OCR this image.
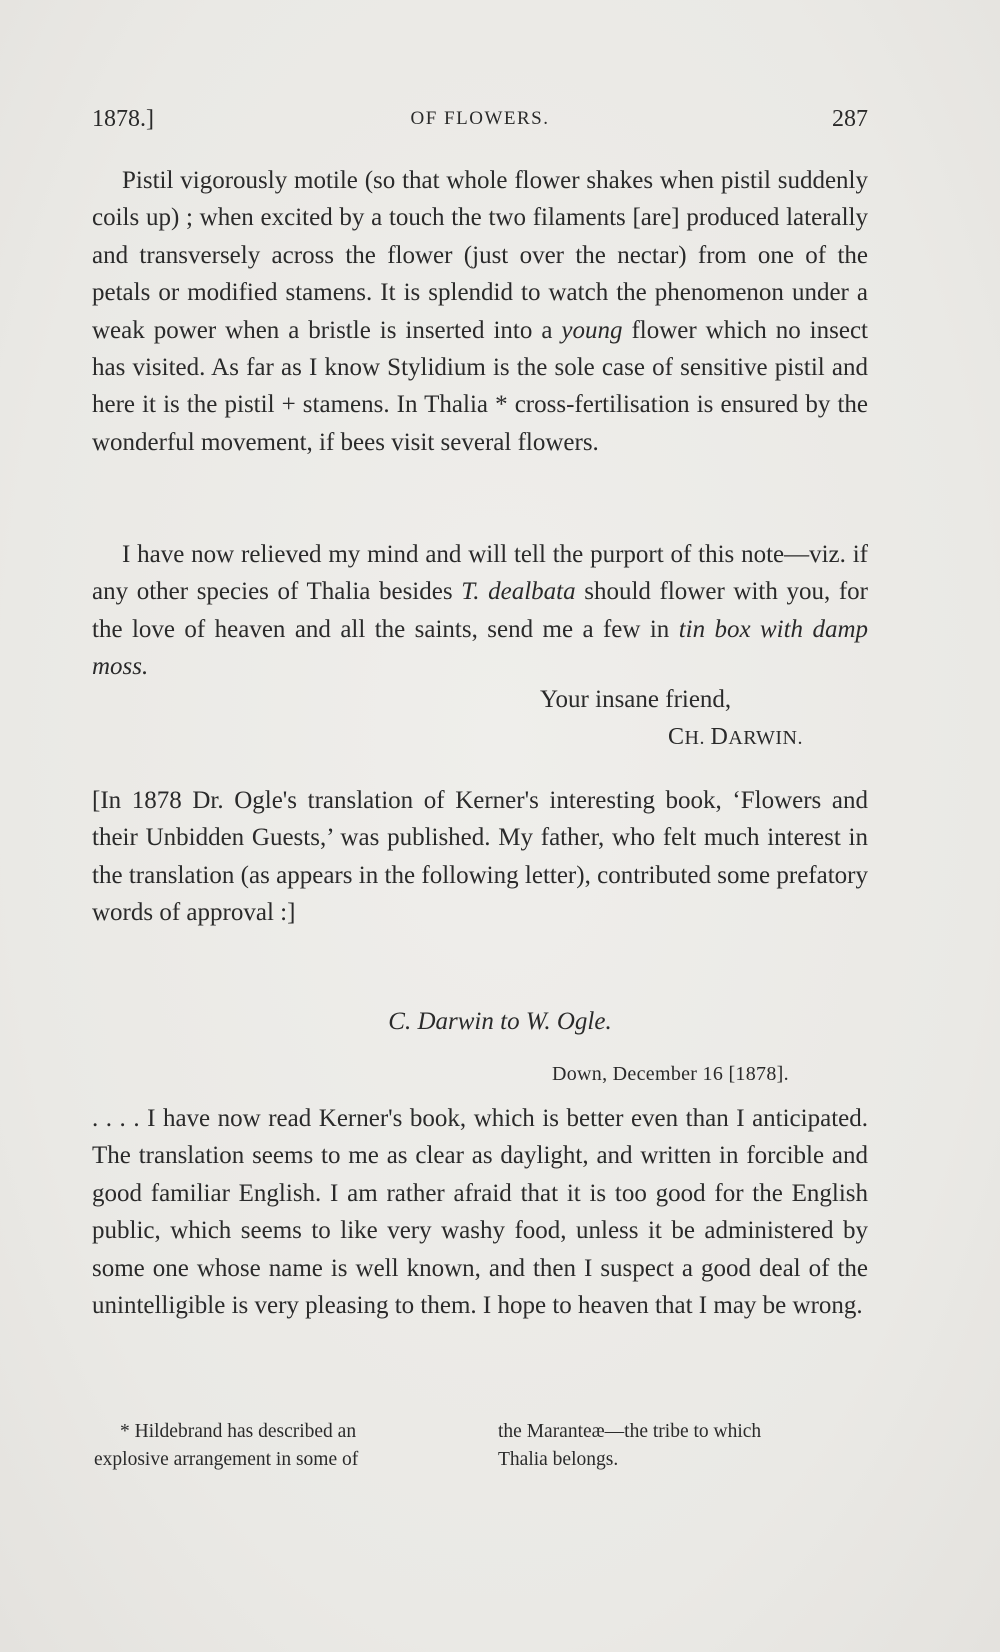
1878.]	OF FLOWERS.	287
Pistil vigorously motile (so that whole flower shakes when pistil suddenly coils up) ; when excited by a touch the two filaments [are] produced laterally and transversely across the flower (just over the nectar) from one of the petals or modified stamens. It is splendid to watch the phenomenon under a weak power when a bristle is inserted into a young flower which no insect has visited. As far as I know Stylidium is the sole case of sensitive pistil and here it is the pistil + stamens. In Thalia * cross-fertilisation is ensured by the wonderful movement, if bees visit several flowers.
I have now relieved my mind and will tell the purport of this note—viz. if any other species of Thalia besides T. dealbata should flower with you, for the love of heaven and all the saints, send me a few in tin box with damp moss.
Your insane friend,
CH. DARWIN.
[In 1878 Dr. Ogle's translation of Kerner's interesting book, ‘Flowers and their Unbidden Guests,’ was published. My father, who felt much interest in the translation (as appears in the following letter), contributed some prefatory words of approval :]
C. Darwin to W. Ogle.
Down, December 16 [1878].
. . . . I have now read Kerner's book, which is better even than I anticipated. The translation seems to me as clear as daylight, and written in forcible and good familiar English. I am rather afraid that it is too good for the English public, which seems to like very washy food, unless it be administered by some one whose name is well known, and then I suspect a good deal of the unintelligible is very pleasing to them. I hope to heaven that I may be wrong.
* Hildebrand has described an
explosive arrangement in some of
the Maranteæ—the tribe to which
Thalia belongs.
